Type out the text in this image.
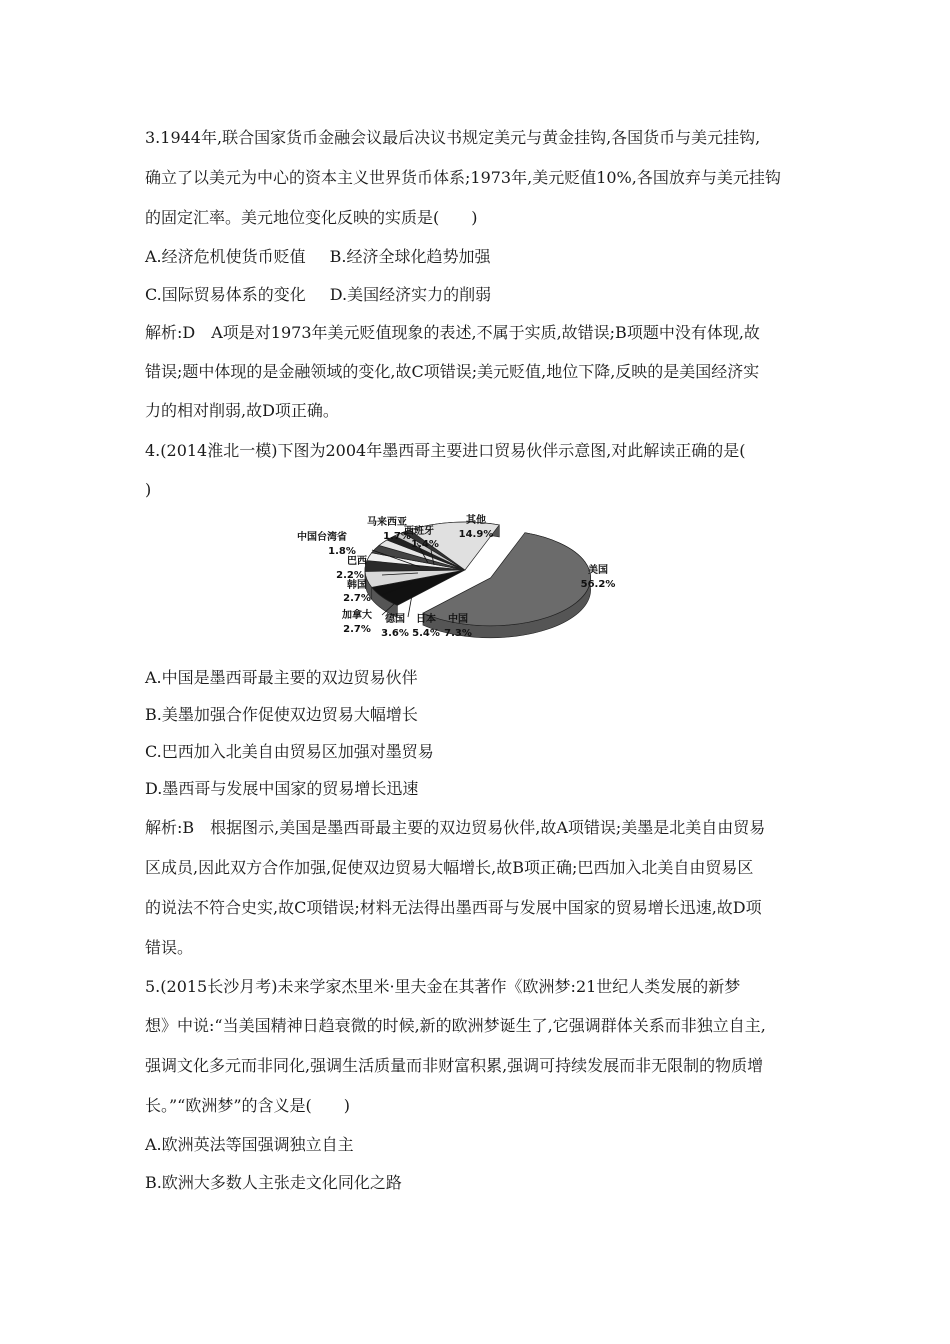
3.1944年,联合国家货币金融会议最后决议书规定美元与黄金挂钩,各国货币与美元挂钩,
确立了以美元为中心的资本主义世界货币体系;1973年,美元贬值10%,各国放弃与美元挂钩
的固定汇率。美元地位变化反映的实质是(　　)
A.经济危机使货币贬值 B.经济全球化趋势加强
C.国际贸易体系的变化 D.美国经济实力的削弱
解析:D　A项是对1973年美元贬值现象的表述,不属于实质,故错误;B项题中没有体现,故
错误;题中体现的是金融领域的变化,故C项错误;美元贬值,地位下降,反映的是美国经济实
力的相对削弱,故D项正确。
4.(2014淮北一模)下图为2004年墨西哥主要进口贸易伙伴示意图,对此解读正确的是(
)
美国
56.2%
中国
7.3%
日本
5.4%
德国
3.6%
加拿大
2.7%
韩国
2.7%
巴西
2.2%
中国台湾省
1.8%
马来西亚
1.7%
西班牙
1.4%
其他
14.9%
A.中国是墨西哥最主要的双边贸易伙伴
B.美墨加强合作促使双边贸易大幅增长
C.巴西加入北美自由贸易区加强对墨贸易
D.墨西哥与发展中国家的贸易增长迅速
解析:B　根据图示,美国是墨西哥最主要的双边贸易伙伴,故A项错误;美墨是北美自由贸易
区成员,因此双方合作加强,促使双边贸易大幅增长,故B项正确;巴西加入北美自由贸易区
的说法不符合史实,故C项错误;材料无法得出墨西哥与发展中国家的贸易增长迅速,故D项
错误。
5.(2015长沙月考)未来学家杰里米·里夫金在其著作《欧洲梦:21世纪人类发展的新梦
想》中说:“当美国精神日趋衰微的时候,新的欧洲梦诞生了,它强调群体关系而非独立自主,
强调文化多元而非同化,强调生活质量而非财富积累,强调可持续发展而非无限制的物质增
长。”“欧洲梦”的含义是(　　)
A.欧洲英法等国强调独立自主
B.欧洲大多数人主张走文化同化之路
